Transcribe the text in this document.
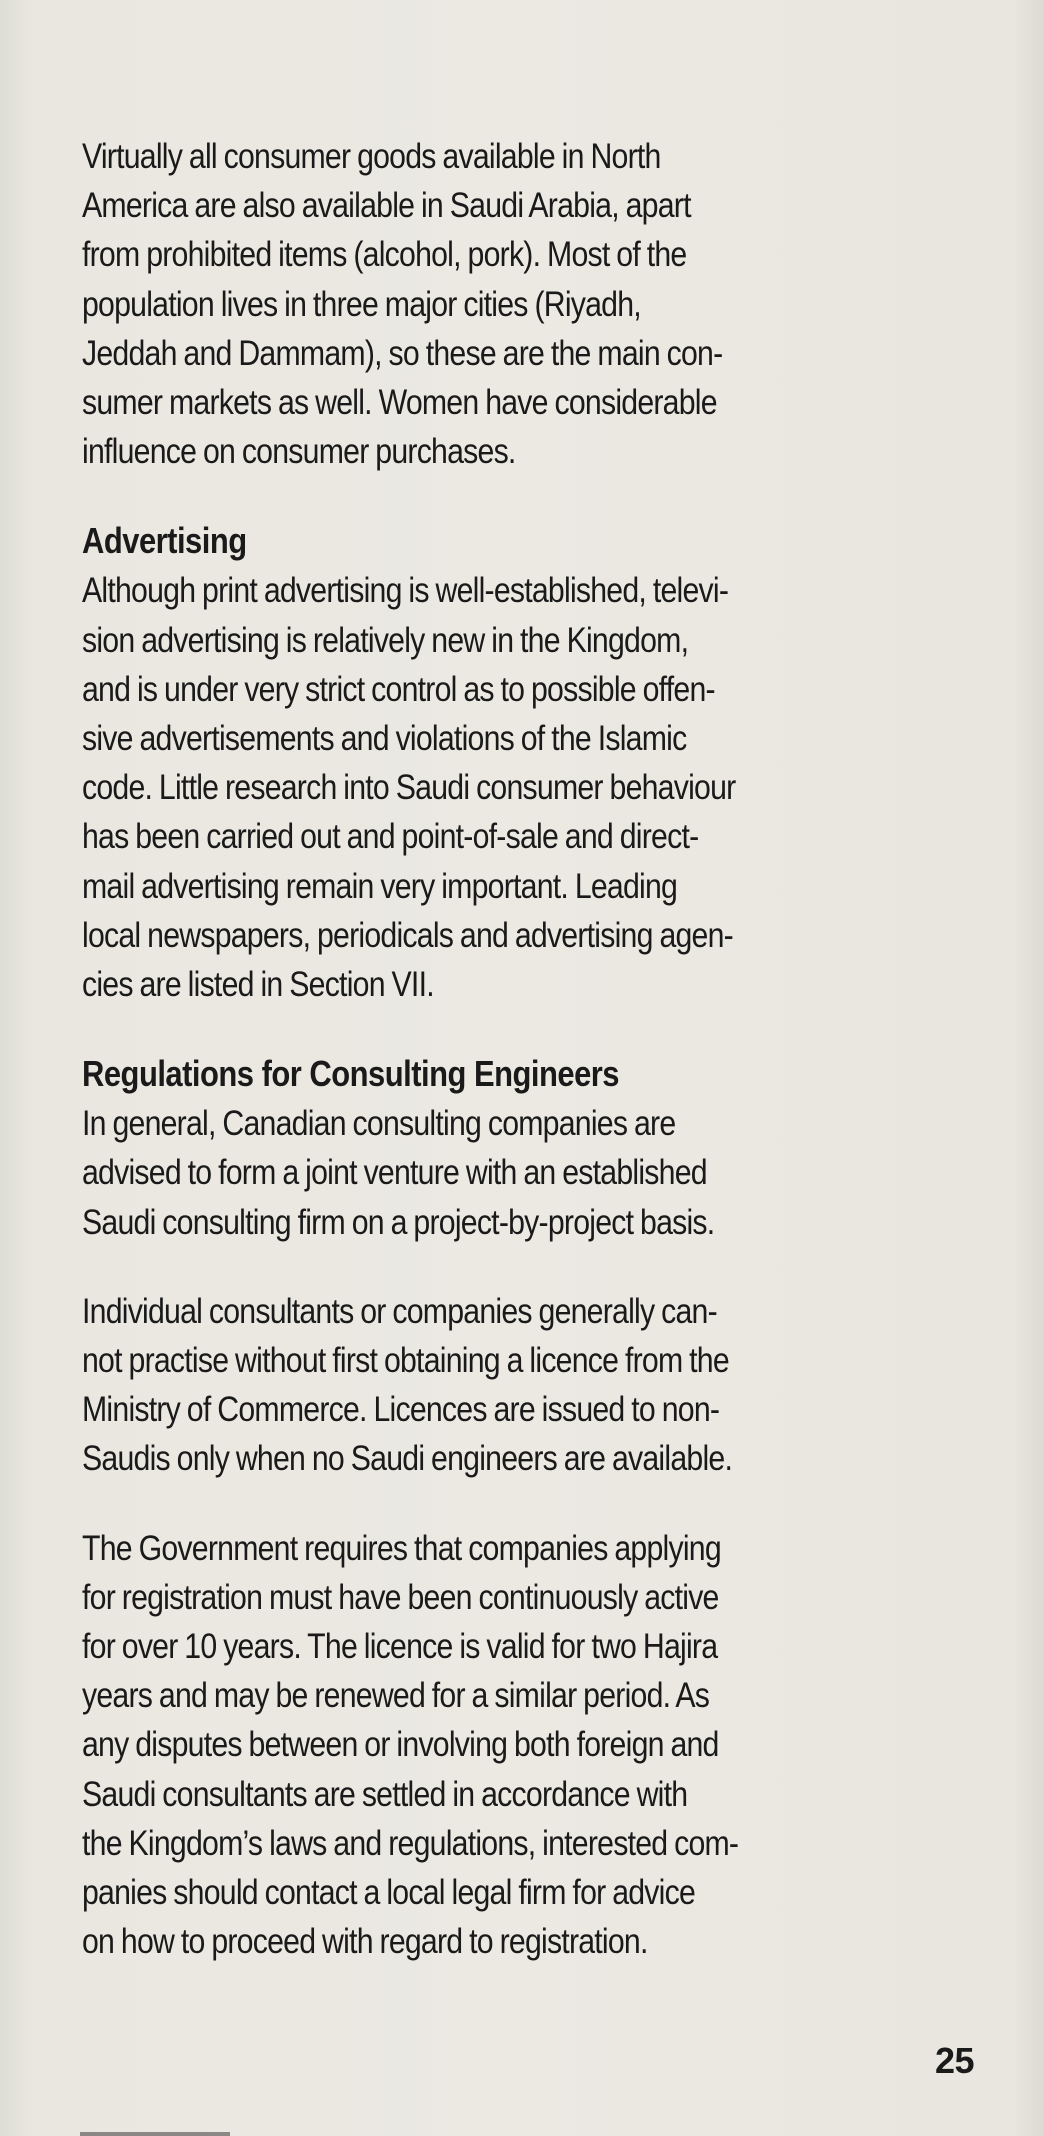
Virtually all consumer goods available in North
America are also available in Saudi Arabia, apart
from prohibited items (alcohol, pork). Most of the
population lives in three major cities (Riyadh,
Jeddah and Dammam), so these are the main con-
sumer markets as well. Women have considerable
influence on consumer purchases.

Advertising

Although print advertising is well-established, televi-
sion advertising is relatively new in the Kingdom,
and is under very strict control as to possible offen-
sive advertisements and violations of the Islamic
code. Little research into Saudi consumer behaviour
has been carried out and point-of-sale and direct-
mail advertising remain very important. Leading
local newspapers, periodicals and advertising agen-
cies are listed in Section VII.

Regulations for Consulting Engineers

In general, Canadian consulting companies are
advised to form a joint venture with an established
Saudi consulting firm on a project-by-project basis.

Individual consultants or companies generally can-
not practise without first obtaining a licence from the
Ministry of Commerce. Licences are issued to non-
Saudis only when no Saudi engineers are available.

The Government requires that companies applying
for registration must have been continuously active
for over 10 years. The licence is valid for two Hajira
years and may be renewed for a similar period. As
any disputes between or involving both foreign and
Saudi consultants are settled in accordance with
the Kingdom’s laws and regulations, interested com-
panies should contact a local legal firm for advice
on how to proceed with regard to registration.

25
